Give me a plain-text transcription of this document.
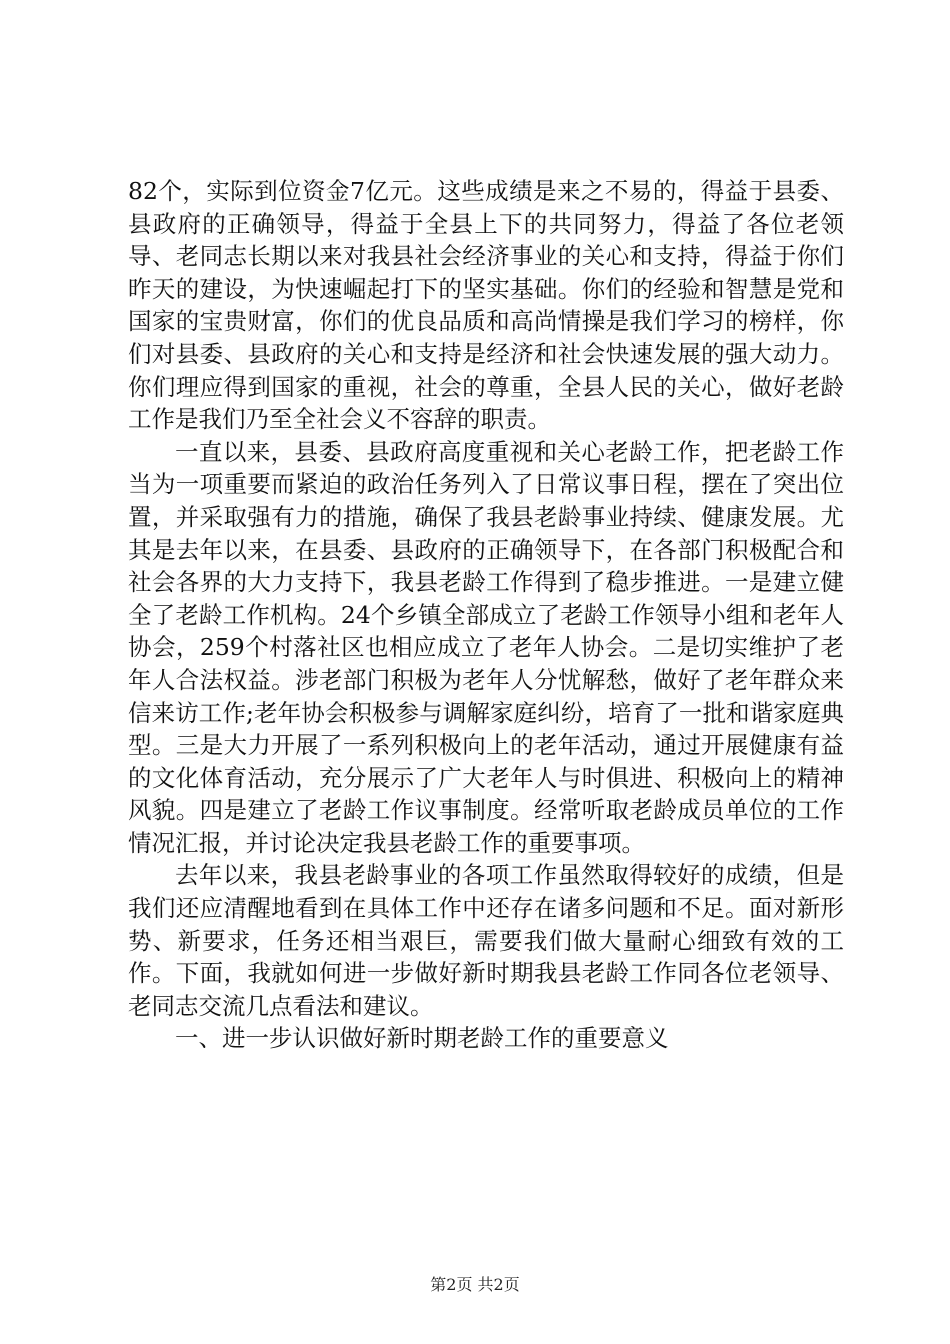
82个，实际到位资金7亿元。这些成绩是来之不易的，得益于县委、县政府的正确领导，得益于全县上下的共同努力，得益了各位老领导、老同志长期以来对我县社会经济事业的关心和支持，得益于你们昨天的建设，为快速崛起打下的坚实基础。你们的经验和智慧是党和国家的宝贵财富，你们的优良品质和高尚情操是我们学习的榜样，你们对县委、县政府的关心和支持是经济和社会快速发展的强大动力。你们理应得到国家的重视，社会的尊重，全县人民的关心，做好老龄工作是我们乃至全社会义不容辞的职责。

一直以来，县委、县政府高度重视和关心老龄工作，把老龄工作当为一项重要而紧迫的政治任务列入了日常议事日程，摆在了突出位置，并采取强有力的措施，确保了我县老龄事业持续、健康发展。尤其是去年以来，在县委、县政府的正确领导下，在各部门积极配合和社会各界的大力支持下，我县老龄工作得到了稳步推进。一是建立健全了老龄工作机构。24个乡镇全部成立了老龄工作领导小组和老年人协会，259个村落社区也相应成立了老年人协会。二是切实维护了老年人合法权益。涉老部门积极为老年人分忧解愁，做好了老年群众来信来访工作;老年协会积极参与调解家庭纠纷，培育了一批和谐家庭典型。三是大力开展了一系列积极向上的老年活动，通过开展健康有益的文化体育活动，充分展示了广大老年人与时俱进、积极向上的精神风貌。四是建立了老龄工作议事制度。经常听取老龄成员单位的工作情况汇报，并讨论决定我县老龄工作的重要事项。

去年以来，我县老龄事业的各项工作虽然取得较好的成绩，但是我们还应清醒地看到在具体工作中还存在诸多问题和不足。面对新形势、新要求，任务还相当艰巨，需要我们做大量耐心细致有效的工作。下面，我就如何进一步做好新时期我县老龄工作同各位老领导、老同志交流几点看法和建议。

一、进一步认识做好新时期老龄工作的重要意义

第2页 共2页
